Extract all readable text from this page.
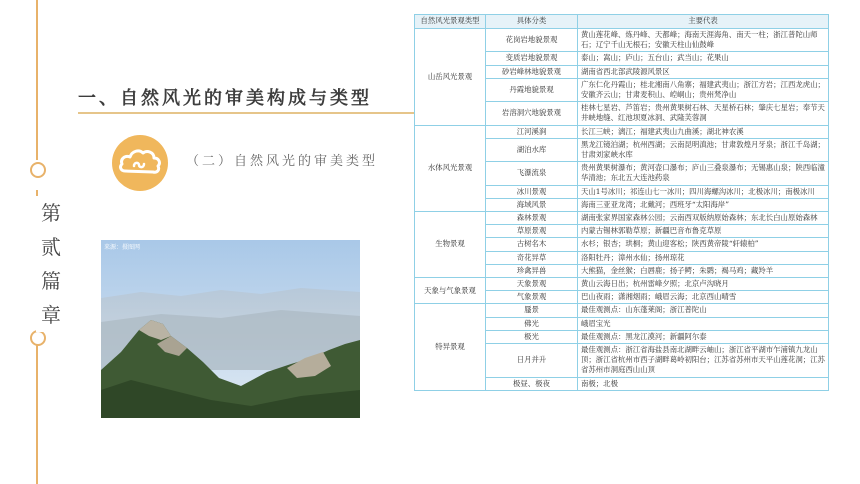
第
贰
篇
章
一、自然风光的审美构成与类型
（二）自然风光的审美类型
来源：摄图网
自然风光景观类型	具体分类	主要代表
山岳风光景观	花岗岩地貌景观	黄山莲花峰、炼丹峰、天都峰；海南天涯海角、南天一柱；浙江普陀山师石；辽宁千山无根石；安徽天柱山仙鼓峰
	变质岩地貌景观	泰山；嵩山；庐山；五台山；武当山；花果山
	砂岩峰林地貌景观	湖南省西北部武陵源风景区
	丹霞地貌景观	广东仁化丹霞山；桂北湘南八角寨；福建武夷山；浙江方岩；江西龙虎山；安徽齐云山；甘肃麦积山、崆峒山；贵州梵净山
	岩溶洞穴地貌景观	桂林七星岩、芦笛岩；贵州黄果树石林、天星桥石林；肇庆七星岩；奉节天井峡地缝、红池坝夏冰洞、武隆芙蓉洞
水体风光景观	江河溪涧	长江三峡；漓江；福建武夷山九曲溪；湖北神农溪
	湖泊水库	黑龙江镜泊湖；杭州西湖；云南昆明滇池；甘肃敦煌月牙泉；浙江千岛湖；甘肃刘家峡水库
	飞瀑流泉	贵州黄果树瀑布；黄河壶口瀑布；庐山三叠泉瀑布；无锡惠山泉；陕西临潼华清池；东北五大连池药泉
	冰川景观	天山1号冰川；祁连山七一冰川；四川海螺沟冰川；北极冰川；南极冰川
	海域风景	海南三亚亚龙湾；北戴河；西班牙“太阳海岸”
生物景观	森林景观	湖南张家界国家森林公园；云南西双版纳原始森林；东北长白山原始森林
	草原景观	内蒙古锡林郭勒草原；新疆巴音布鲁克草原
	古树名木	水杉；银杏；珙桐；黄山迎客松；陕西黄帝陵“轩辕柏”
	奇花异草	洛阳牡丹；漳州水仙；扬州琼花
	珍禽异兽	大熊猫，金丝猴；白唇鹿；扬子鳄；朱鹮；褐马鸡；藏羚羊
天象与气象景观	天象景观	黄山云海日出；杭州雷峰夕照；北京卢沟晓月
	气象景观	巴山夜雨；潇湘烟雨；峨眉云海；北京西山晴雪
特异景观	蜃景	最佳观测点：山东蓬莱阁；浙江普陀山
	佛光	峨眉宝光
	极光	最佳观测点：黑龙江漠河；新疆阿尔泰
	日月并升	最佳观测点：浙江省海盐县南北湖畔云岫山；浙江省平湖市乍浦镇九龙山顶；浙江省杭州市西子湖畔葛岭初阳台；江苏省苏州市天平山莲花洞；江苏省苏州市洞庭西山山顶
	极昼、极夜	南极；北极
